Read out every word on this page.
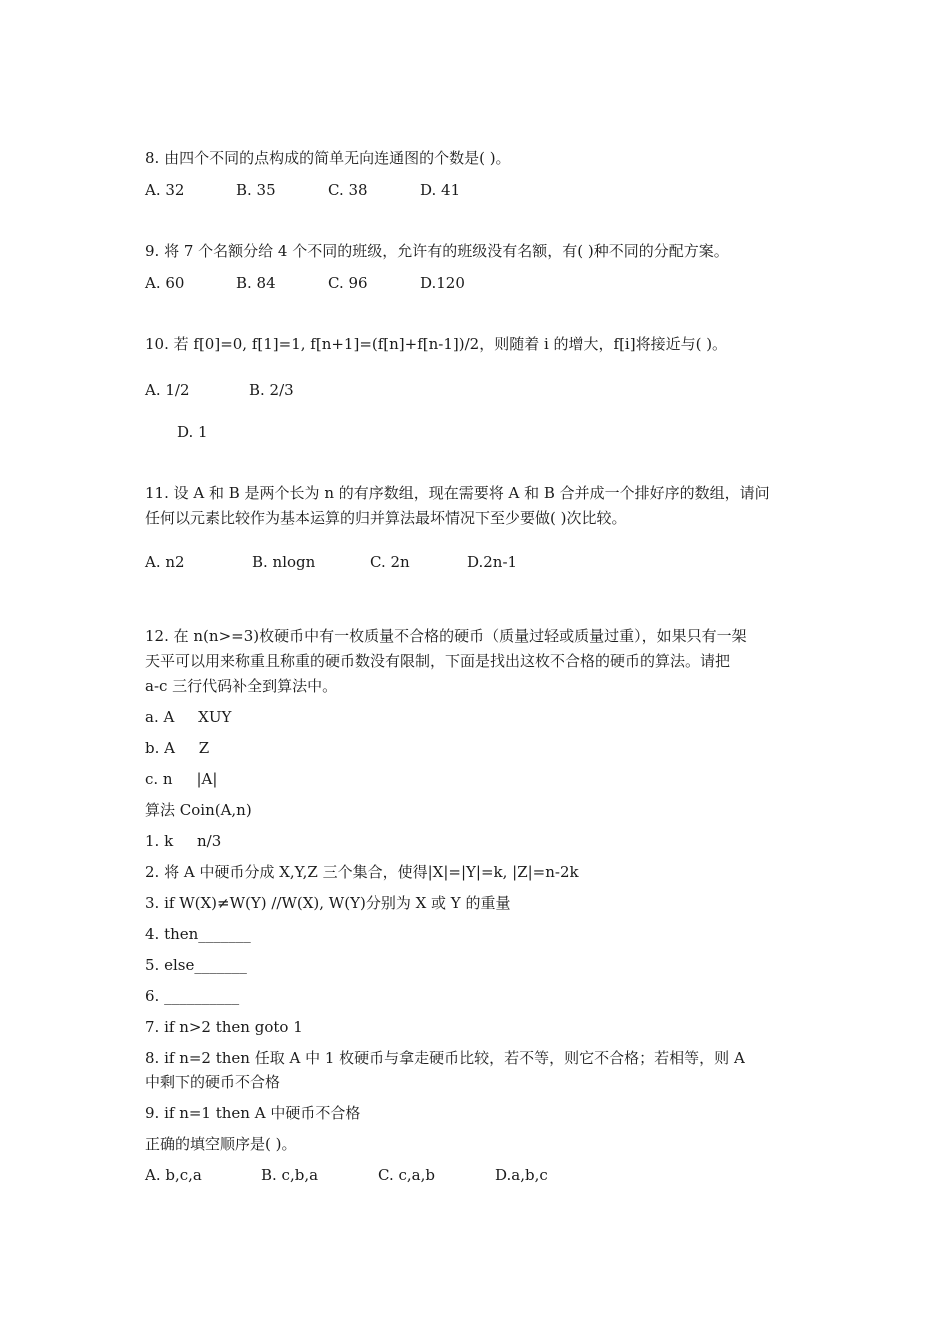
8. 由四个不同的点构成的简单无向连通图的个数是( )。
A. 32	B. 35	C. 38	D. 41
9. 将 7 个名额分给 4 个不同的班级，允许有的班级没有名额，有( )种不同的分配方案。
A. 60	B. 84	C. 96	D.120
10. 若 f[0]=0, f[1]=1, f[n+1]=(f[n]+f[n-1])/2，则随着 i 的增大，f[i]将接近与( )。
A. 1/2	B. 2/3
D. 1
11. 设 A 和 B 是两个长为 n 的有序数组，现在需要将 A 和 B 合并成一个排好序的数组，请问
任何以元素比较作为基本运算的归并算法最坏情况下至少要做( )次比较。
A. n2	B. nlogn	C. 2n	D.2n-1
12. 在 n(n>=3)枚硬币中有一枚质量不合格的硬币（质量过轻或质量过重），如果只有一架
天平可以用来称重且称重的硬币数没有限制，下面是找出这枚不合格的硬币的算法。请把
a-c 三行代码补全到算法中。
a. A     XUY
b. A     Z
c. n     |A|
算法 Coin(A,n)
1. k     n/3
2. 将 A 中硬币分成 X,Y,Z 三个集合，使得|X|=|Y|=k, |Z|=n-2k
3. if W(X)≠W(Y) //W(X), W(Y)分别为 X 或 Y 的重量
4. then_______
5. else_______
6. __________
7. if n>2 then goto 1
8. if n=2 then 任取 A 中 1 枚硬币与拿走硬币比较，若不等，则它不合格；若相等，则 A
中剩下的硬币不合格
9. if n=1 then A 中硬币不合格
正确的填空顺序是( )。
A. b,c,a	B. c,b,a	C. c,a,b	D.a,b,c
